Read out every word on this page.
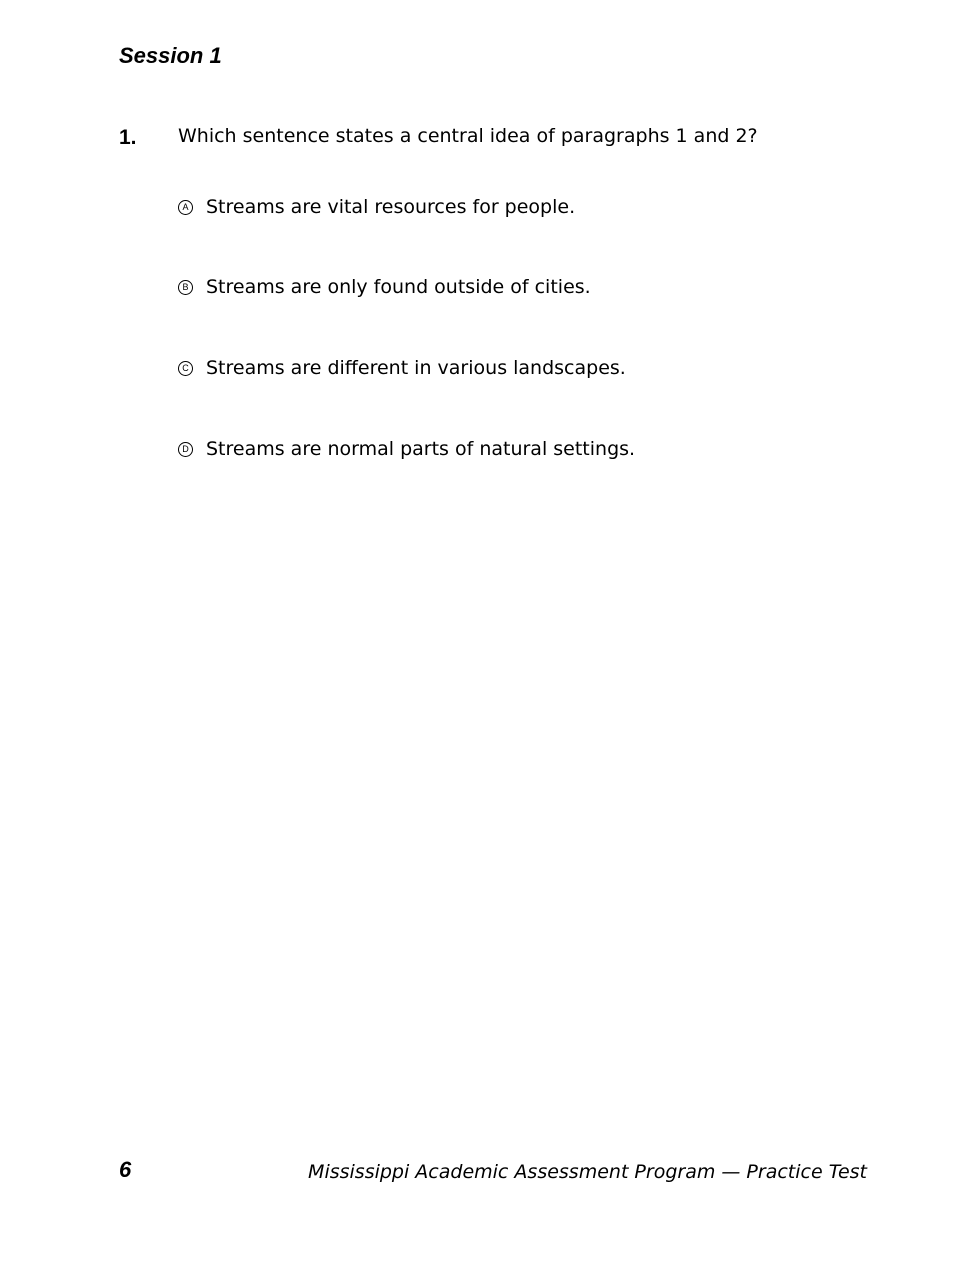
Session 1
1. Which sentence states a central idea of paragraphs 1 and 2?
A Streams are vital resources for people.
B Streams are only found outside of cities.
C Streams are different in various landscapes.
D Streams are normal parts of natural settings.
6	Mississippi Academic Assessment Program — Practice Test
